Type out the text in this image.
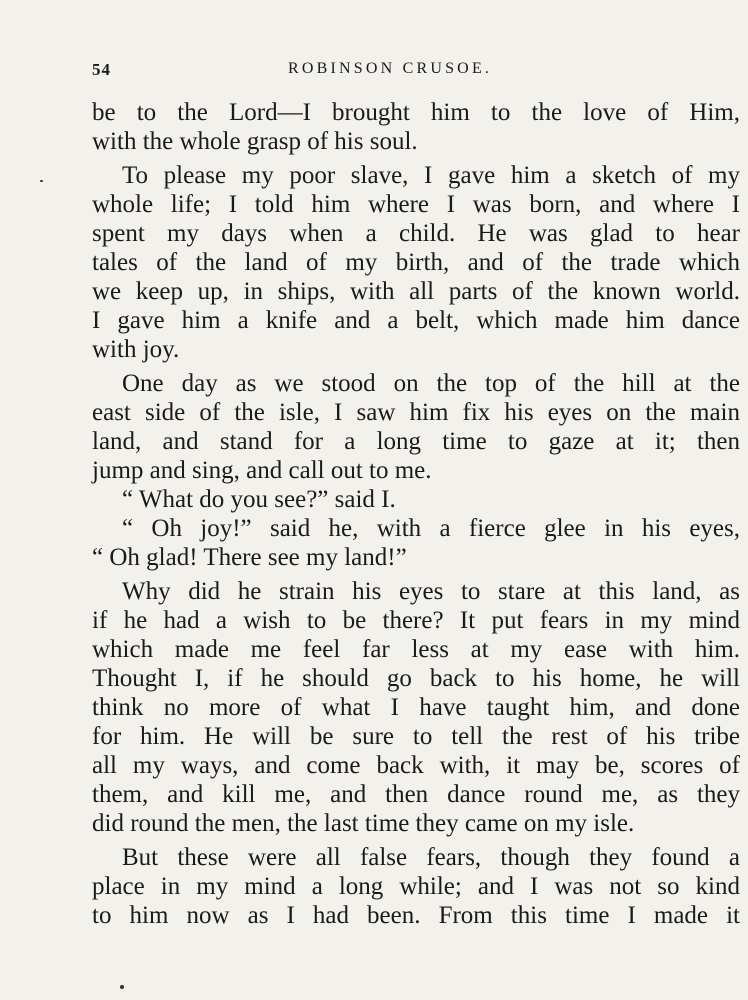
54	ROBINSON CRUSOE.
be to the Lord—I brought him to the love of Him,
with the whole grasp of his soul.
To please my poor slave, I gave him a sketch of my
whole life; I told him where I was born, and where I
spent my days when a child. He was glad to hear
tales of the land of my birth, and of the trade which
we keep up, in ships, with all parts of the known world.
I gave him a knife and a belt, which made him dance
with joy.
One day as we stood on the top of the hill at the
east side of the isle, I saw him fix his eyes on the main
land, and stand for a long time to gaze at it; then
jump and sing, and call out to me.
“ What do you see?” said I.
“ Oh joy!” said he, with a fierce glee in his eyes,
“ Oh glad! There see my land!”
Why did he strain his eyes to stare at this land, as
if he had a wish to be there? It put fears in my mind
which made me feel far less at my ease with him.
Thought I, if he should go back to his home, he will
think no more of what I have taught him, and done
for him. He will be sure to tell the rest of his tribe
all my ways, and come back with, it may be, scores of
them, and kill me, and then dance round me, as they
did round the men, the last time they came on my isle.
But these were all false fears, though they found a
place in my mind a long while; and I was not so kind
to him now as I had been. From this time I made it
